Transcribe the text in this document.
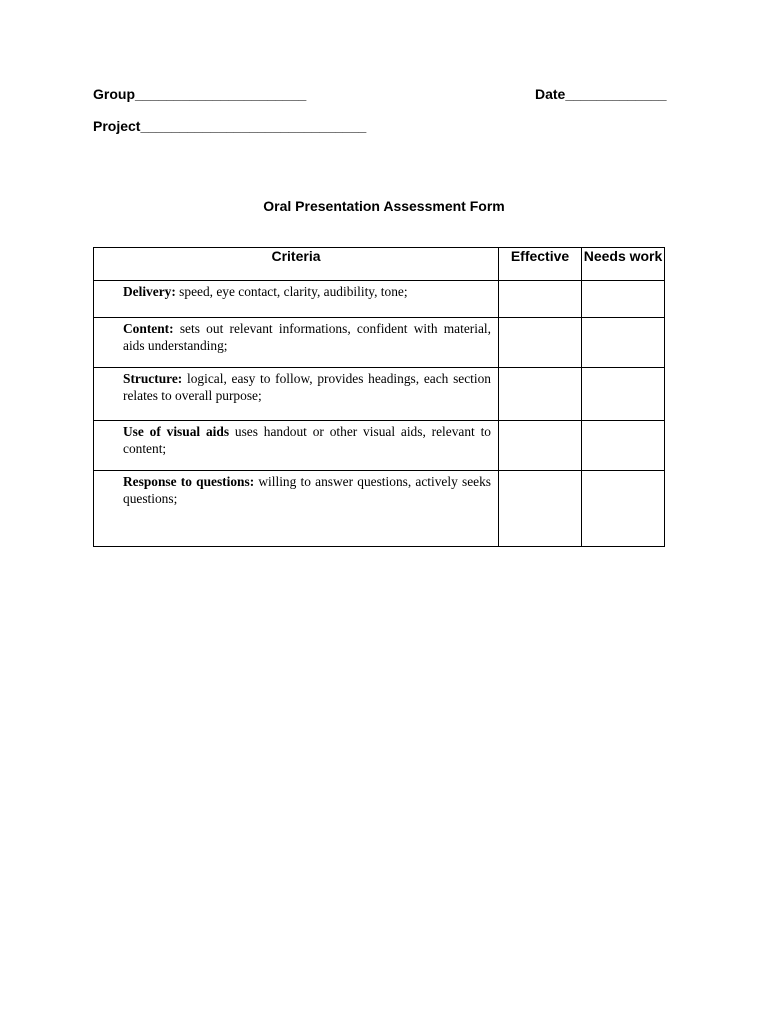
Group______________________	Date_____________
Project_____________________________
Oral Presentation Assessment Form
Criteria	Effective	Needs work
Delivery: speed, eye contact, clarity, audibility, tone;		
Content: sets out relevant informations, confident with material, aids understanding;		
Structure: logical, easy to follow, provides headings, each section relates to overall purpose;		
Use of visual aids uses handout or other visual aids, relevant to content;		
Response to questions: willing to answer questions, actively seeks questions;		
